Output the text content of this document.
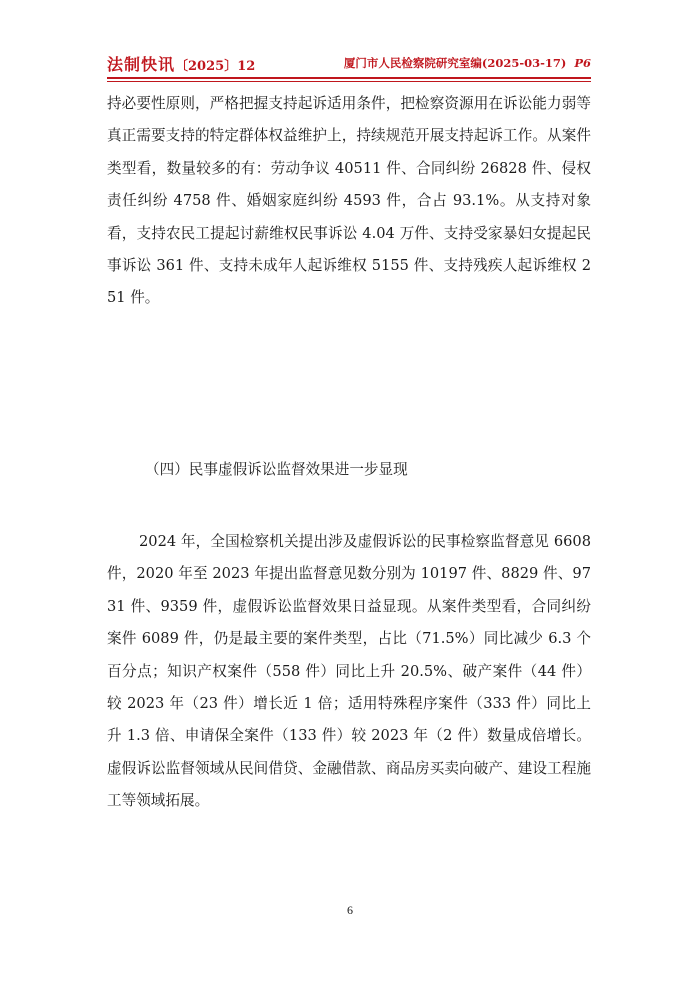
法制快讯〔2025〕12	厦门市人民检察院研究室编(2025-03-17) P6

持必要性原则，严格把握支持起诉适用条件，把检察资源用在诉讼能力弱等真正需要支持的特定群体权益维护上，持续规范开展支持起诉工作。从案件类型看，数量较多的有：劳动争议 40511 件、合同纠纷 26828 件、侵权责任纠纷 4758 件、婚姻家庭纠纷 4593 件，合占 93.1%。从支持对象看，支持农民工提起讨薪维权民事诉讼 4.04 万件、支持受家暴妇女提起民事诉讼 361 件、支持未成年人起诉维权 5155 件、支持残疾人起诉维权 251 件。

（四）民事虚假诉讼监督效果进一步显现

2024 年，全国检察机关提出涉及虚假诉讼的民事检察监督意见 6608 件，2020 年至 2023 年提出监督意见数分别为 10197 件、8829 件、9731 件、9359 件，虚假诉讼监督效果日益显现。从案件类型看，合同纠纷案件 6089 件，仍是最主要的案件类型，占比（71.5%）同比减少 6.3 个百分点；知识产权案件（558 件）同比上升 20.5%、破产案件（44 件）较 2023 年（23 件）增长近 1 倍；适用特殊程序案件（333 件）同比上升 1.3 倍、申请保全案件（133 件）较 2023 年（2 件）数量成倍增长。虚假诉讼监督领域从民间借贷、金融借款、商品房买卖向破产、建设工程施工等领域拓展。

6
